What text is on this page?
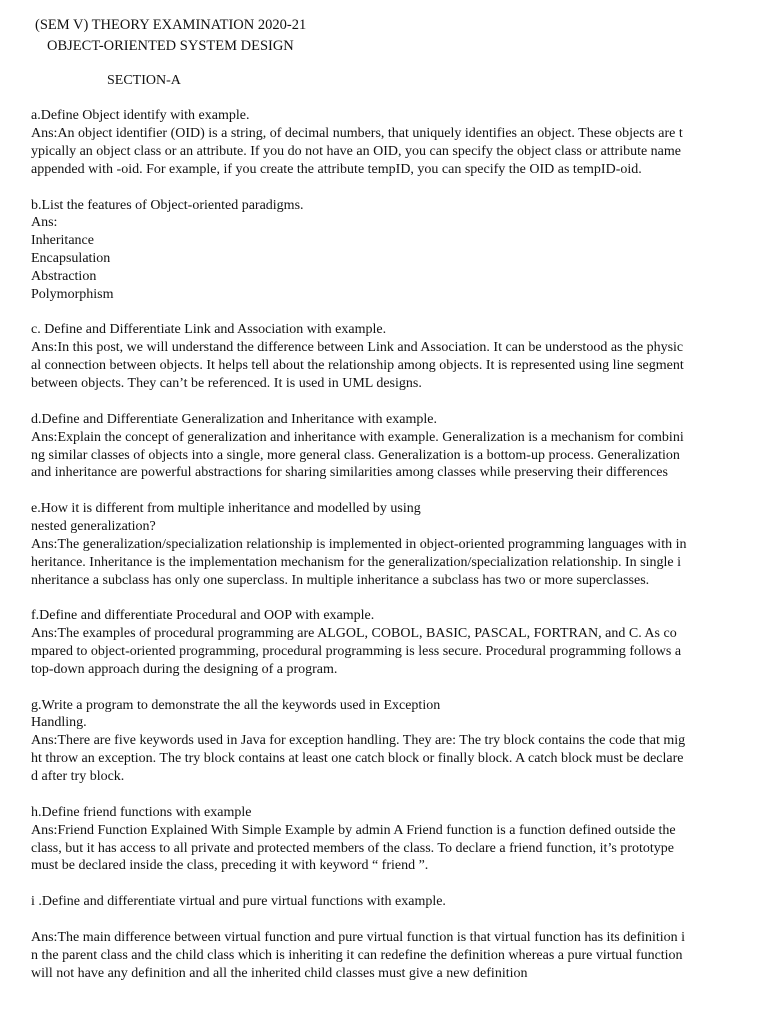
(SEM V) THEORY EXAMINATION 2020-21
OBJECT-ORIENTED SYSTEM DESIGN
SECTION-A
a.Define Object identify with example.
Ans:An object identifier (OID) is a string, of decimal numbers, that uniquely identifies an object. These objects are t
ypically an object class or an attribute. If you do not have an OID, you can specify the object class or attribute name
appended with -oid. For example, if you create the attribute tempID, you can specify the OID as tempID-oid.
b.List the features of Object-oriented paradigms.
Ans:
Inheritance
Encapsulation
Abstraction
Polymorphism
c. Define and Differentiate Link and Association with example.
Ans:In this post, we will understand the difference between Link and Association. It can be understood as the physic
al connection between objects. It helps tell about the relationship among objects. It is represented using line segment
between objects. They can’t be referenced. It is used in UML designs.
d.Define and Differentiate Generalization and Inheritance with example.
Ans:Explain the concept of generalization and inheritance with example. Generalization is a mechanism for combini
ng similar classes of objects into a single, more general class. Generalization is a bottom-up process. Generalization
and inheritance are powerful abstractions for sharing similarities among classes while preserving their differences
e.How it is different from multiple inheritance and modelled by using
nested generalization?
Ans:The generalization/specialization relationship is implemented in object-oriented programming languages with in
heritance. Inheritance is the implementation mechanism for the generalization/specialization relationship. In single i
nheritance a subclass has only one superclass. In multiple inheritance a subclass has two or more superclasses.
f.Define and differentiate Procedural and OOP with example.
Ans:The examples of procedural programming are ALGOL, COBOL, BASIC, PASCAL, FORTRAN, and C. As co
mpared to object-oriented programming, procedural programming is less secure. Procedural programming follows a
top-down approach during the designing of a program.
g.Write a program to demonstrate the all the keywords used in Exception
Handling.
Ans:There are five keywords used in Java for exception handling. They are: The try block contains the code that mig
ht throw an exception. The try block contains at least one catch block or finally block. A catch block must be declare
d after try block.
h.Define friend functions with example
Ans:Friend Function Explained With Simple Example by admin A Friend function is a function defined outside the
class, but it has access to all private and protected members of the class. To declare a friend function, it’s prototype
must be declared inside the class, preceding it with keyword “ friend ”.
i .Define and differentiate virtual and pure virtual functions with example.
Ans:The main difference between virtual function and pure virtual function is that virtual function has its definition i
n the parent class and the child class which is inheriting it can redefine the definition whereas a pure virtual function
will not have any definition and all the inherited child classes must give a new definition
